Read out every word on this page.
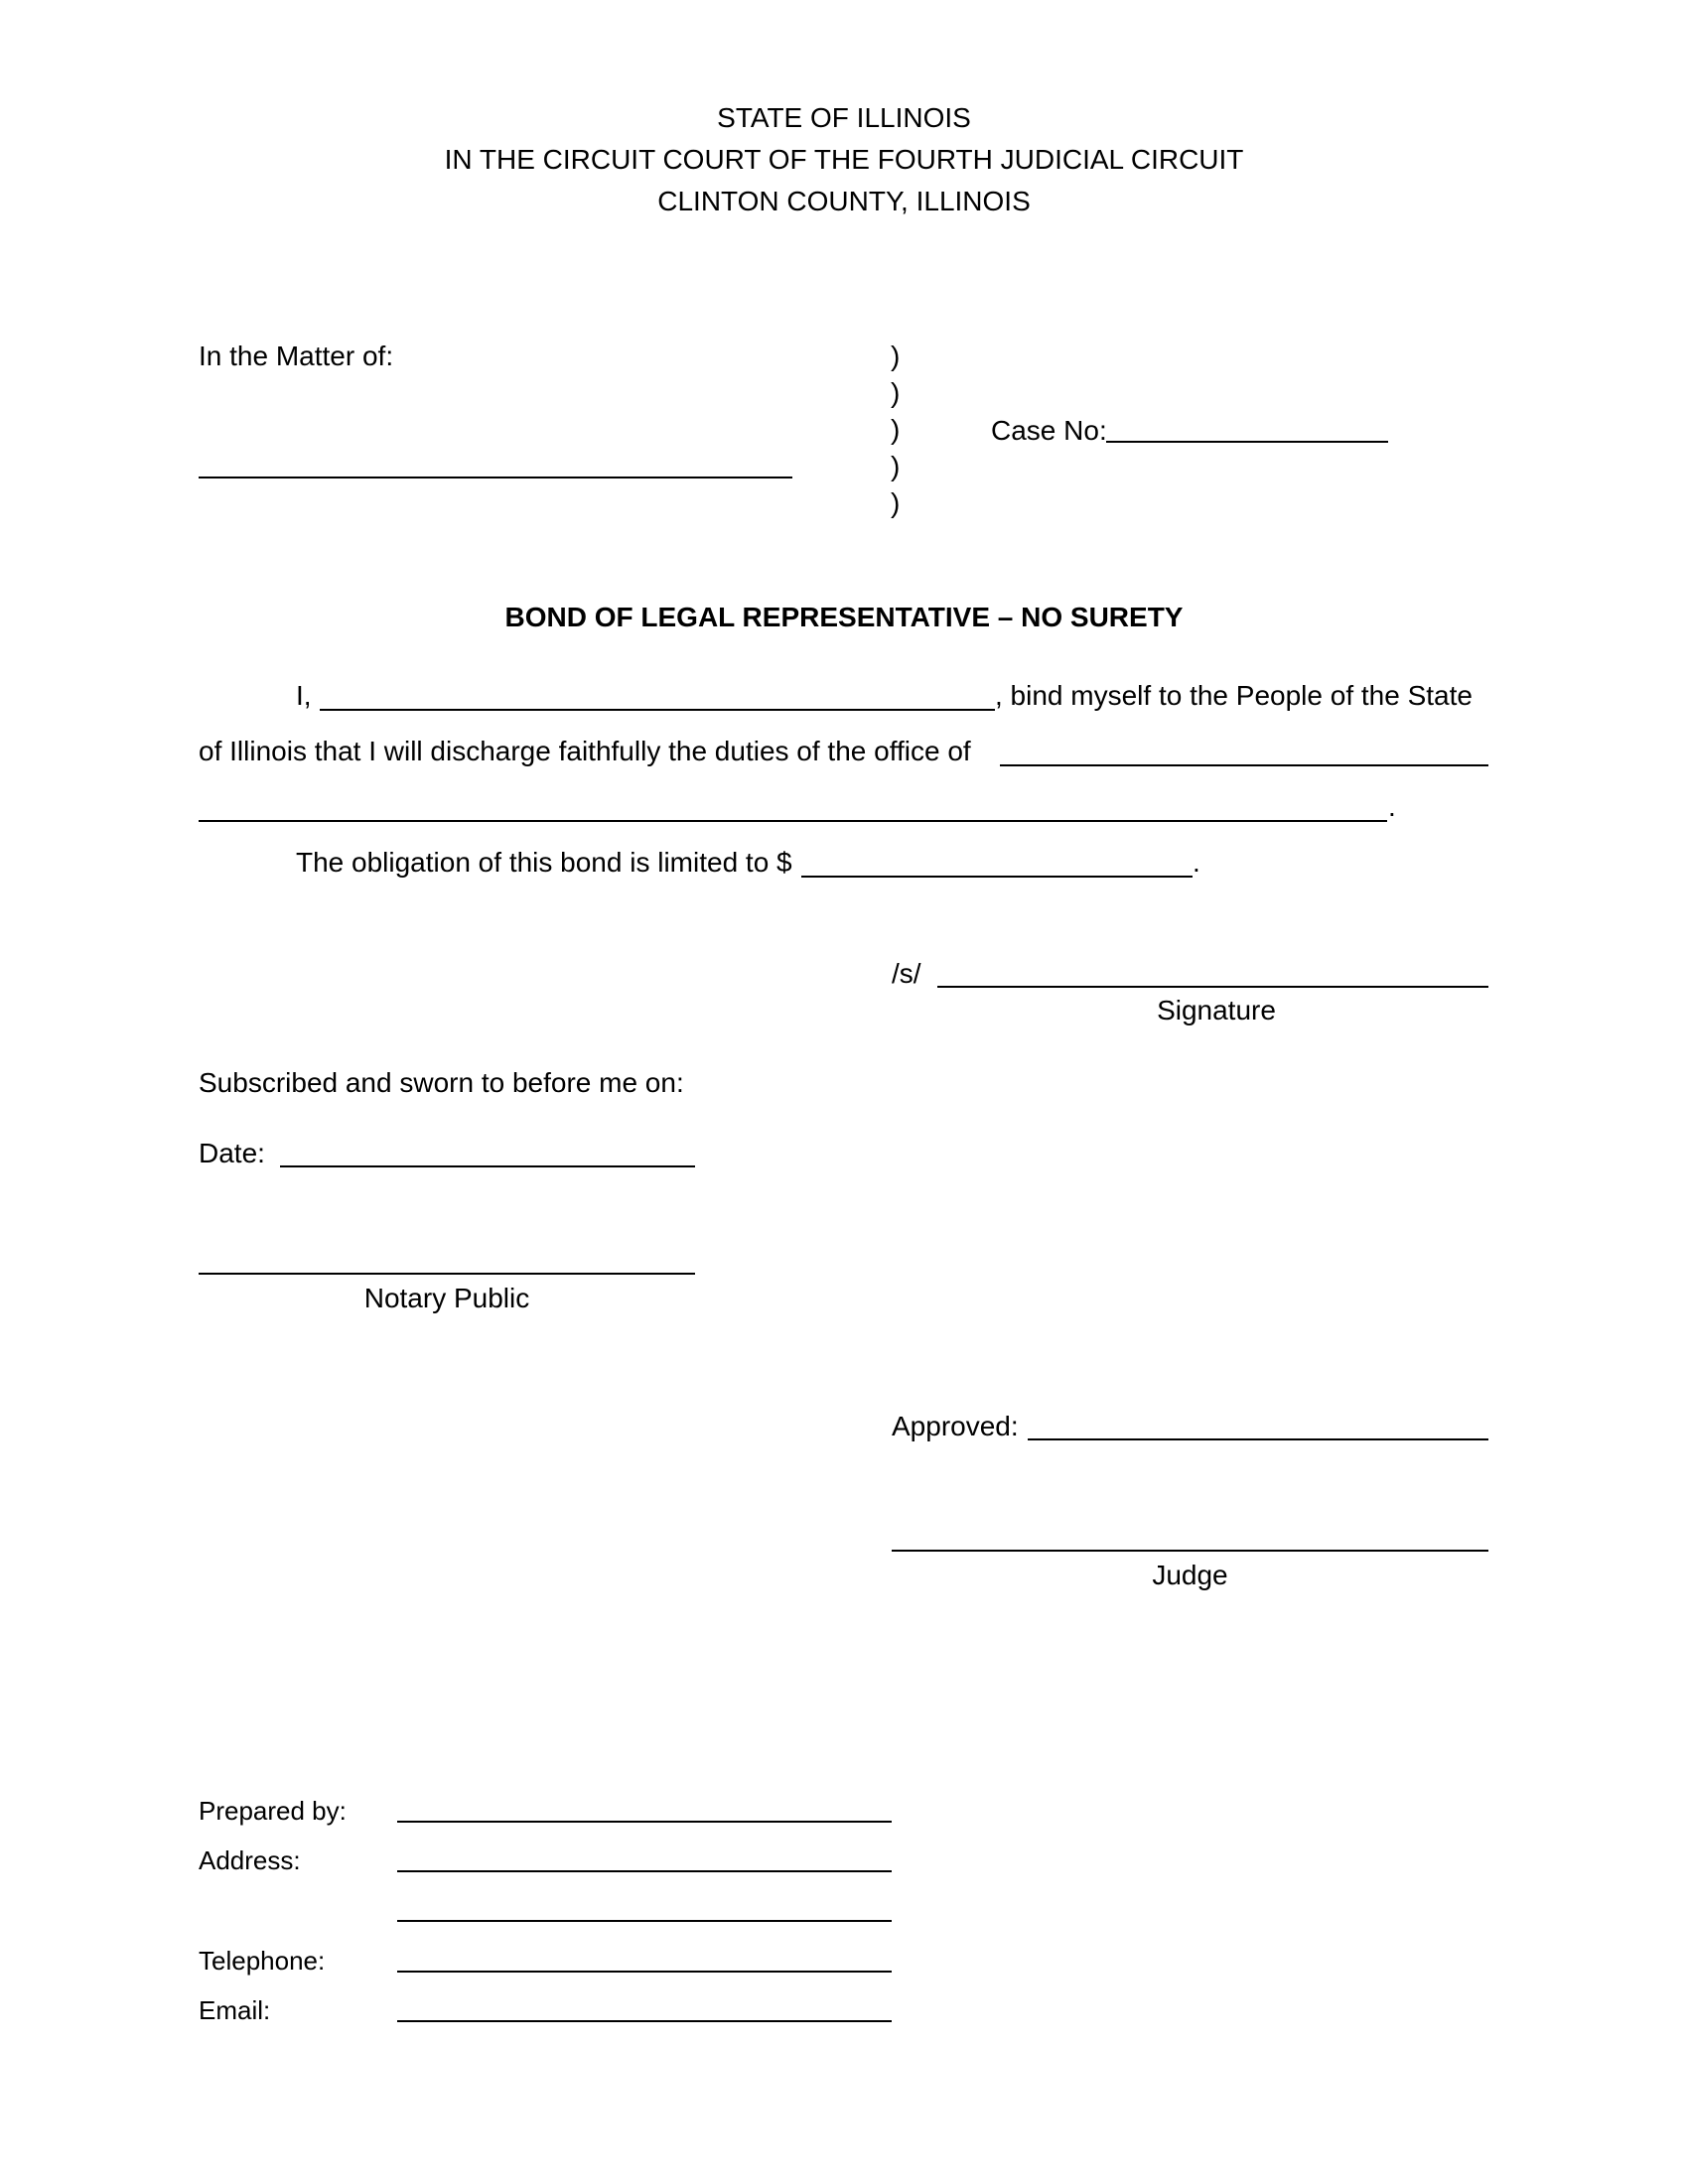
STATE OF ILLINOIS
IN THE CIRCUIT COURT OF THE FOURTH JUDICIAL CIRCUIT
CLINTON COUNTY, ILLINOIS
In the Matter of:	)
)
)
)
)
Case No:
BOND OF LEGAL REPRESENTATIVE – NO SURETY
I,	, bind myself to the People of the State
of Illinois that I will discharge faithfully the duties of the office of
.
The obligation of this bond is limited to $	.
/s/
Signature
Subscribed and sworn to before me on:
Date:
Notary Public
Approved:
Judge
Prepared by:
Address:
Telephone:
Email:
